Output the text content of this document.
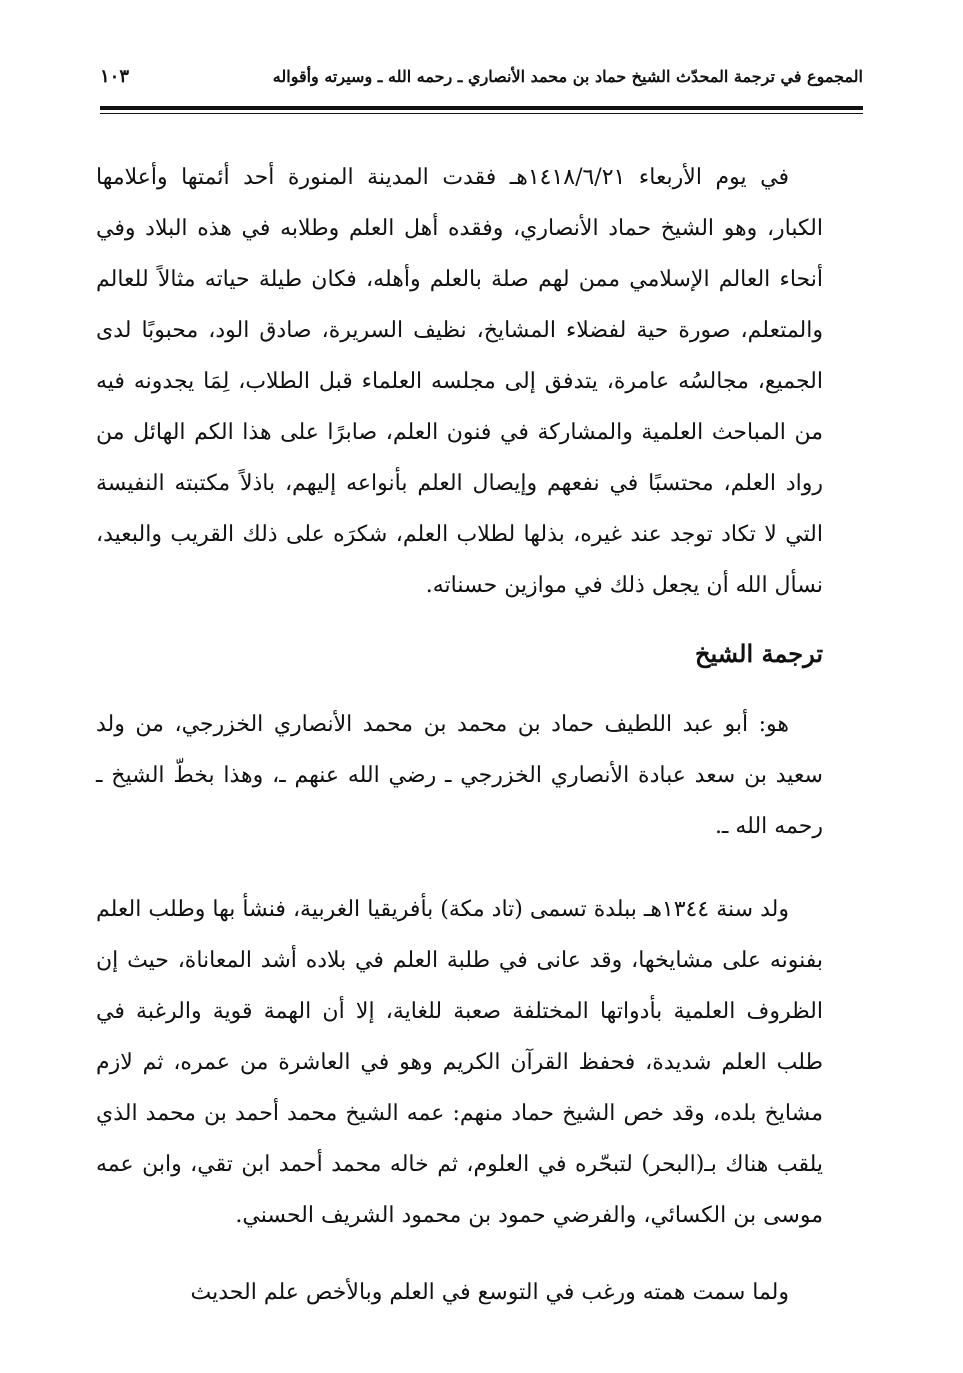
المجموع في ترجمة المحدّث الشيخ حماد بن محمد الأنصاري ـ رحمه الله ـ وسيرته وأقواله
١٠٣

في يوم الأربعاء ١٤١٨/٦/٢١هـ فقدت المدينة المنورة أحد أئمتها وأعلامها الكبار، وهو الشيخ حماد الأنصاري، وفقده أهل العلم وطلابه في هذه البلاد وفي أنحاء العالم الإسلامي ممن لهم صلة بالعلم وأهله، فكان طيلة حياته مثالاً للعالم والمتعلم، صورة حية لفضلاء المشايخ، نظيف السريرة، صادق الود، محبوبًا لدى الجميع، مجالسُه عامرة، يتدفق إلى مجلسه العلماء قبل الطلاب، لِمَا يجدونه فيه من المباحث العلمية والمشاركة في فنون العلم، صابرًا على هذا الكم الهائل من رواد العلم، محتسبًا في نفعهم وإيصال العلم بأنواعه إليهم، باذلاً مكتبته النفيسة التي لا تكاد توجد عند غيره، بذلها لطلاب العلم، شكرَه على ذلك القريب والبعيد، نسأل الله أن يجعل ذلك في موازين حسناته.

ترجمة الشيخ

هو: أبو عبد اللطيف حماد بن محمد بن محمد الأنصاري الخزرجي، من ولد سعيد بن سعد عبادة الأنصاري الخزرجي ـ رضي الله عنهم ـ، وهذا بخطّ الشيخ ـ رحمه الله ـ.

ولد سنة ١٣٤٤هـ ببلدة تسمى (تاد مكة) بأفريقيا الغربية، فنشأ بها وطلب العلم بفنونه على مشايخها، وقد عانى في طلبة العلم في بلاده أشد المعاناة، حيث إن الظروف العلمية بأدواتها المختلفة صعبة للغاية، إلا أن الهمة قوية والرغبة في طلب العلم شديدة، فحفظ القرآن الكريم وهو في العاشرة من عمره، ثم لازم مشايخ بلده، وقد خص الشيخ حماد منهم: عمه الشيخ محمد أحمد بن محمد الذي يلقب هناك بـ(البحر) لتبحّره في العلوم، ثم خاله محمد أحمد ابن تقي، وابن عمه موسى بن الكسائي، والفرضي حمود بن محمود الشريف الحسني.

ولما سمت همته ورغب في التوسع في العلم وبالأخص علم الحديث
